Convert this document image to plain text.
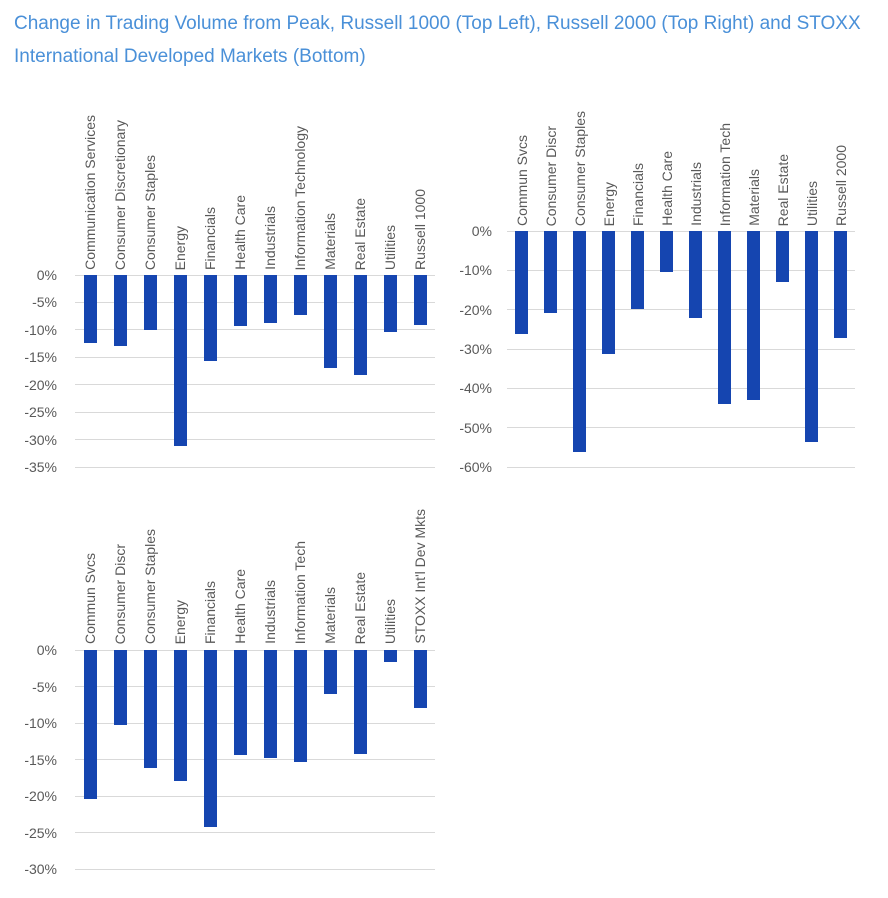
Change in Trading Volume from Peak, Russell 1000 (Top Left), Russell 2000 (Top Right) and STOXX International Developed Markets (Bottom)
Communication Services Consumer Discretionary Consumer Staples Energy Financials Health Care Industrials Information Technology Materials Real Estate Utilities Russell 1000
0%
-5%
-10%
-15%
-20%
-25%
-30%
-35%
Commun Svcs Consumer Discr Consumer Staples Energy Financials Health Care Industrials Information Tech Materials Real Estate Utilities Russell 2000
0%
-10%
-20%
-30%
-40%
-50%
-60%
Commun Svcs Consumer Discr Consumer Staples Energy Financials Health Care Industrials Information Tech Materials Real Estate Utilities STOXX Int'l Dev Mkts
0%
-5%
-10%
-15%
-20%
-25%
-30%
